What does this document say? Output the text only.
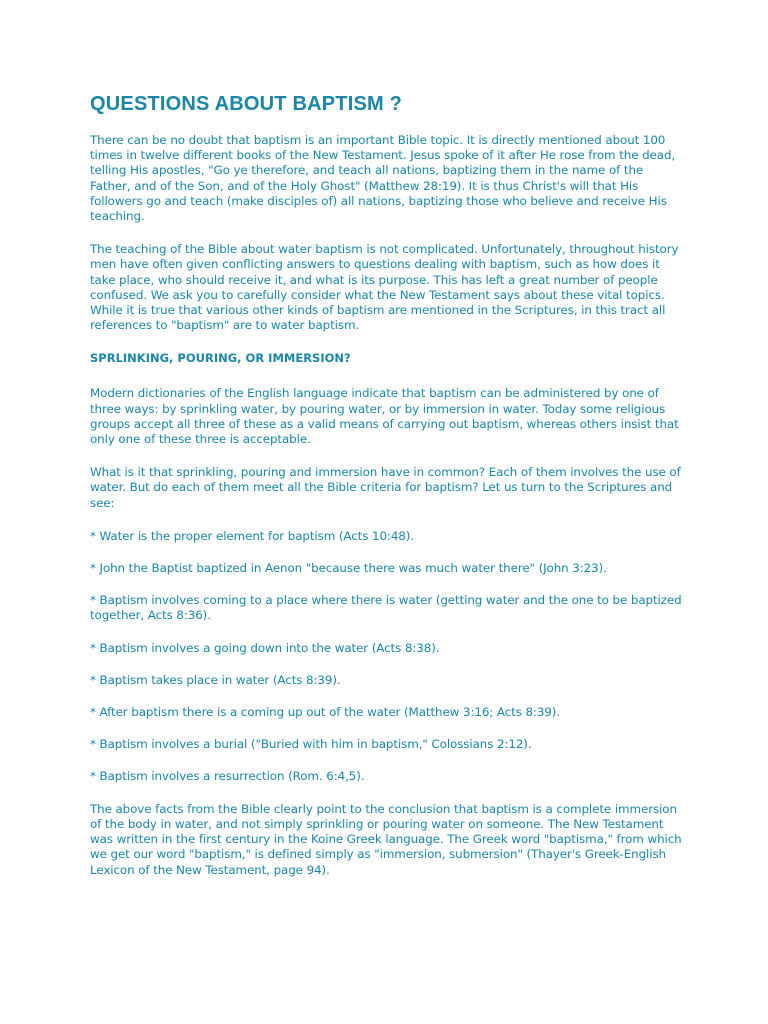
QUESTIONS ABOUT BAPTISM ?

There can be no doubt that baptism is an important Bible topic. It is directly mentioned about 100 times in twelve different books of the New Testament. Jesus spoke of it after He rose from the dead, telling His apostles, "Go ye therefore, and teach all nations, baptizing them in the name of the Father, and of the Son, and of the Holy Ghost" (Matthew 28:19). It is thus Christ's will that His followers go and teach (make disciples of) all nations, baptizing those who believe and receive His teaching.

The teaching of the Bible about water baptism is not complicated. Unfortunately, throughout history men have often given conflicting answers to questions dealing with baptism, such as how does it take place, who should receive it, and what is its purpose. This has left a great number of people confused. We ask you to carefully consider what the New Testament says about these vital topics. While it is true that various other kinds of baptism are mentioned in the Scriptures, in this tract all references to "baptism" are to water baptism.

SPRLINKING, POURING, OR IMMERSION?

Modern dictionaries of the English language indicate that baptism can be administered by one of three ways: by sprinkling water, by pouring water, or by immersion in water. Today some religious groups accept all three of these as a valid means of carrying out baptism, whereas others insist that only one of these three is acceptable.

What is it that sprinkling, pouring and immersion have in common? Each of them involves the use of water. But do each of them meet all the Bible criteria for baptism? Let us turn to the Scriptures and see:

* Water is the proper element for baptism (Acts 10:48).
* John the Baptist baptized in Aenon "because there was much water there" (John 3:23).
* Baptism involves coming to a place where there is water (getting water and the one to be baptized together, Acts 8:36).
* Baptism involves a going down into the water (Acts 8:38).
* Baptism takes place in water (Acts 8:39).
* After baptism there is a coming up out of the water (Matthew 3:16; Acts 8:39).
* Baptism involves a burial ("Buried with him in baptism," Colossians 2:12).
* Baptism involves a resurrection (Rom. 6:4,5).

The above facts from the Bible clearly point to the conclusion that baptism is a complete immersion of the body in water, and not simply sprinkling or pouring water on someone. The New Testament was written in the first century in the Koine Greek language. The Greek word "baptisma," from which we get our word "baptism," is defined simply as "immersion, submersion" (Thayer's Greek-English Lexicon of the New Testament, page 94).
